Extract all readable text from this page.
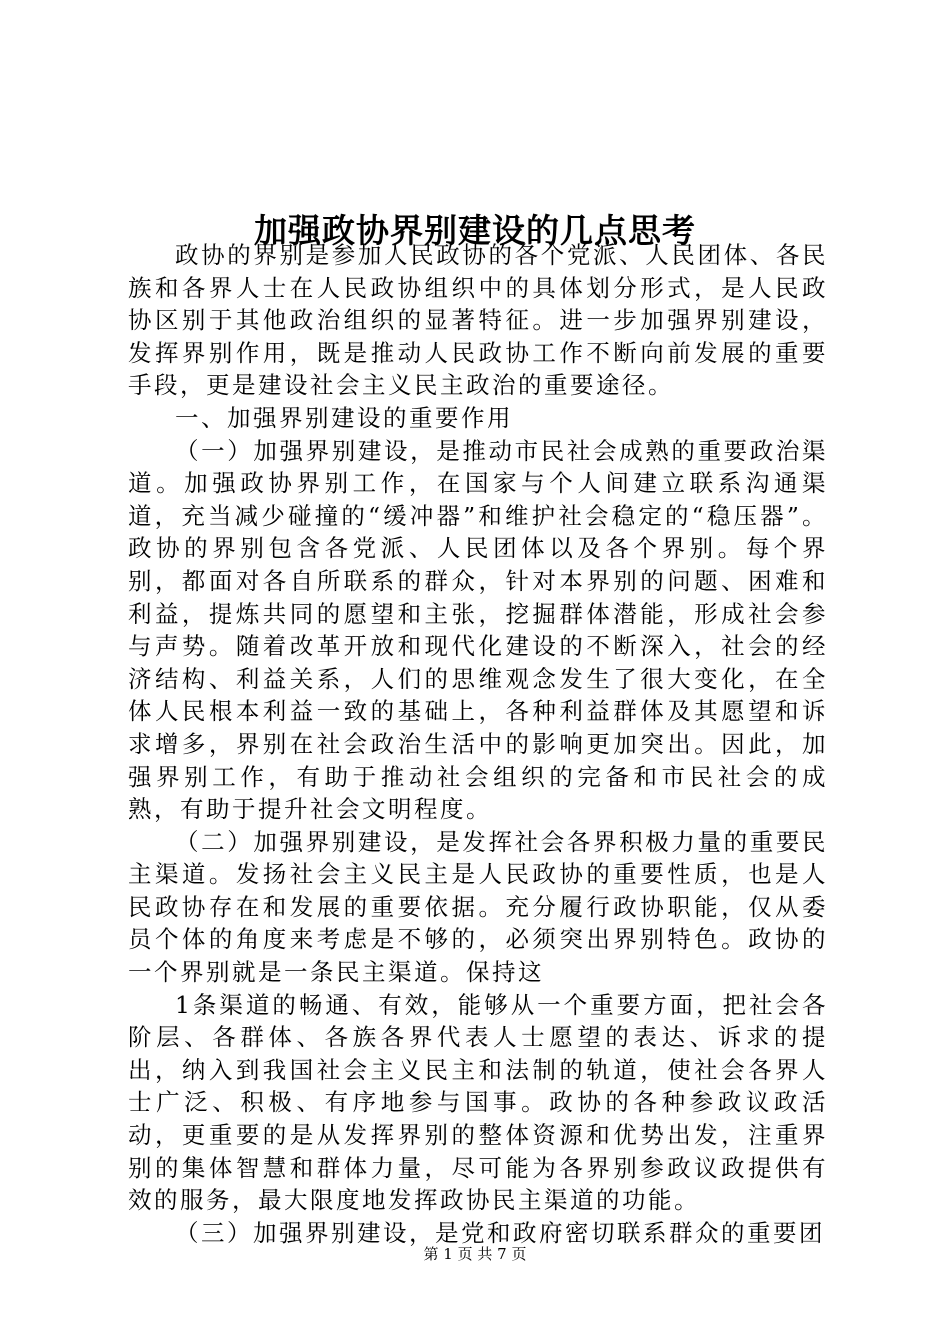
加强政协界别建设的几点思考

政协的界别是参加人民政协的各个党派、人民团体、各民族和各界人士在人民政协组织中的具体划分形式，是人民政协区别于其他政治组织的显著特征。进一步加强界别建设，发挥界别作用，既是推动人民政协工作不断向前发展的重要手段，更是建设社会主义民主政治的重要途径。

一、加强界别建设的重要作用

（一）加强界别建设，是推动市民社会成熟的重要政治渠道。加强政协界别工作，在国家与个人间建立联系沟通渠道，充当减少碰撞的“缓冲器”和维护社会稳定的“稳压器”。政协的界别包含各党派、人民团体以及各个界别。每个界别，都面对各自所联系的群众，针对本界别的问题、困难和利益，提炼共同的愿望和主张，挖掘群体潜能，形成社会参与声势。随着改革开放和现代化建设的不断深入，社会的经济结构、利益关系，人们的思维观念发生了很大变化，在全体人民根本利益一致的基础上，各种利益群体及其愿望和诉求增多，界别在社会政治生活中的影响更加突出。因此，加强界别工作，有助于推动社会组织的完备和市民社会的成熟，有助于提升社会文明程度。

（二）加强界别建设，是发挥社会各界积极力量的重要民主渠道。发扬社会主义民主是人民政协的重要性质，也是人民政协存在和发展的重要依据。充分履行政协职能，仅从委员个体的角度来考虑是不够的，必须突出界别特色。政协的一个界别就是一条民主渠道。保持这

1条渠道的畅通、有效，能够从一个重要方面，把社会各阶层、各群体、各族各界代表人士愿望的表达、诉求的提出，纳入到我国社会主义民主和法制的轨道，使社会各界人士广泛、积极、有序地参与国事。政协的各种参政议政活动，更重要的是从发挥界别的整体资源和优势出发，注重界别的集体智慧和群体力量，尽可能为各界别参政议政提供有效的服务，最大限度地发挥政协民主渠道的功能。

（三）加强界别建设，是党和政府密切联系群众的重要团

第 1 页 共 7 页
